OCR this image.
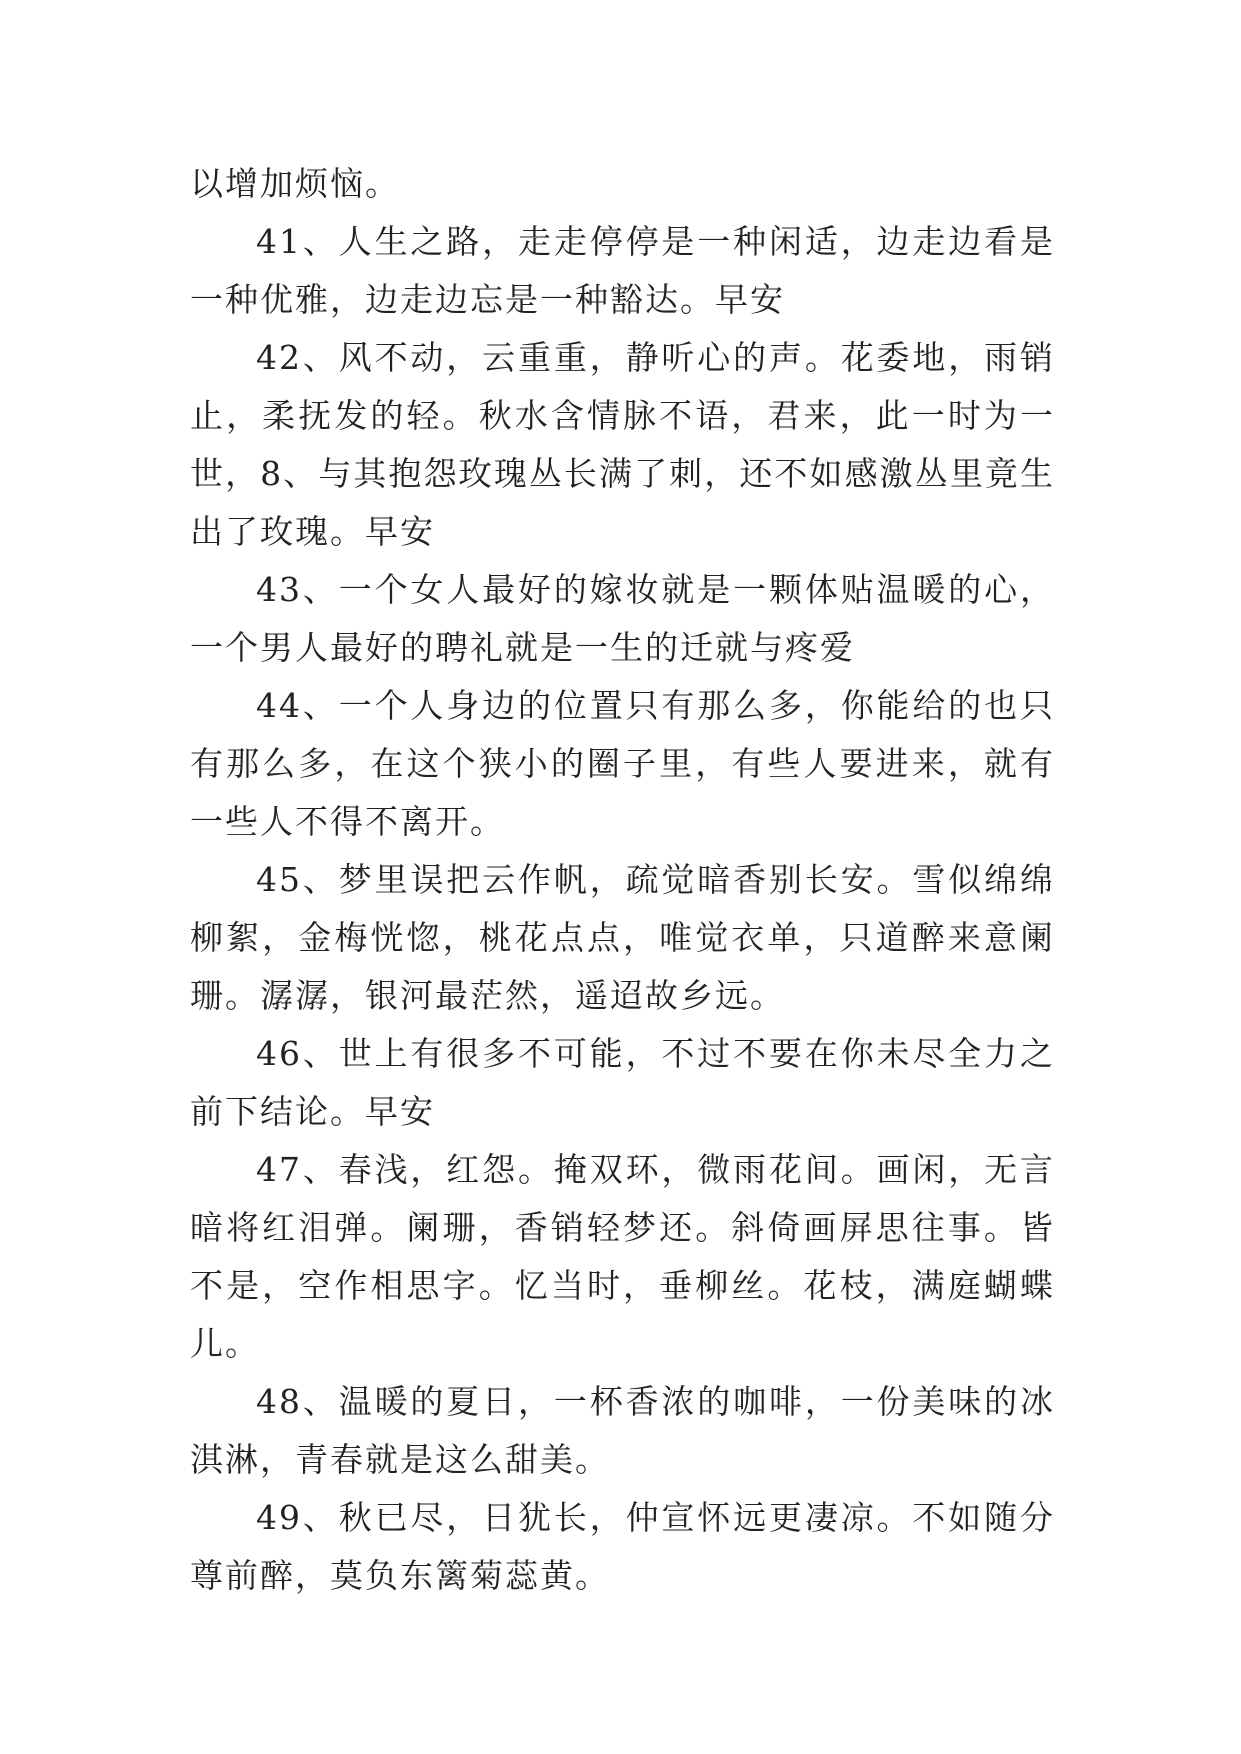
以增加烦恼。

41、人生之路，走走停停是一种闲适，边走边看是一种优雅，边走边忘是一种豁达。早安

42、风不动，云重重，静听心的声。花委地，雨销止，柔抚发的轻。秋水含情脉不语，君来，此一时为一世，8、与其抱怨玫瑰丛长满了刺，还不如感激丛里竟生出了玫瑰。早安

43、一个女人最好的嫁妆就是一颗体贴温暖的心，一个男人最好的聘礼就是一生的迁就与疼爱

44、一个人身边的位置只有那么多，你能给的也只有那么多，在这个狭小的圈子里，有些人要进来，就有一些人不得不离开。

45、梦里误把云作帆，疏觉暗香别长安。雪似绵绵柳絮，金梅恍惚，桃花点点，唯觉衣单，只道醉来意阑珊。潺潺，银河最茫然，遥迢故乡远。

46、世上有很多不可能，不过不要在你未尽全力之前下结论。早安

47、春浅，红怨。掩双环，微雨花间。画闲，无言暗将红泪弹。阑珊，香销轻梦还。斜倚画屏思往事。皆不是，空作相思字。忆当时，垂柳丝。花枝，满庭蝴蝶儿。

48、温暖的夏日，一杯香浓的咖啡，一份美味的冰淇淋，青春就是这么甜美。

49、秋已尽，日犹长，仲宣怀远更凄凉。不如随分尊前醉，莫负东篱菊蕊黄。
